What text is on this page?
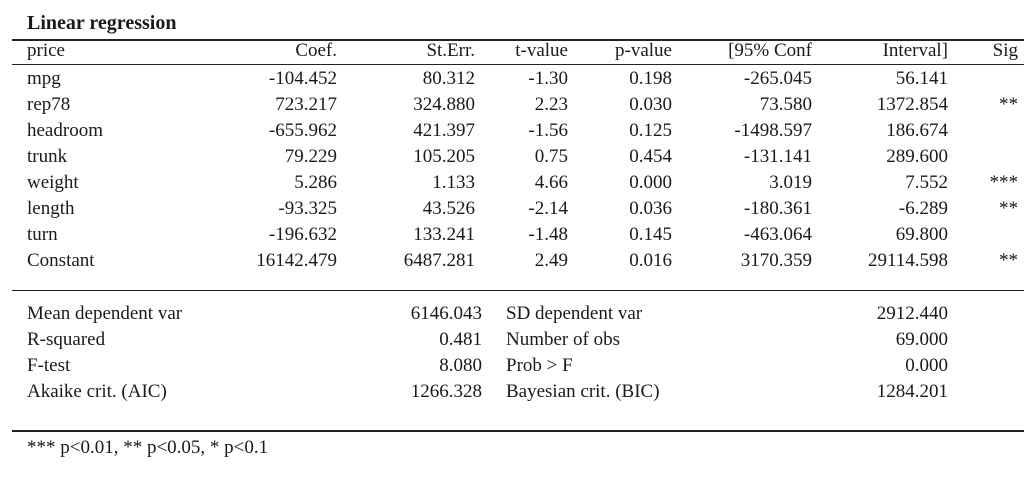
Linear regression
price	Coef.	St.Err. t-value p-value	[95% Conf	Interval] Sig
mpg	-104.452	80.312	-1.30	0.198	-265.045	56.141
rep78	723.217	324.880	2.23	0.030	73.580	1372.854	**
headroom	-655.962	421.397	-1.56	0.125	-1498.597	186.674
trunk	79.229	105.205	0.75	0.454	-131.141	289.600
weight	5.286	1.133	4.66	0.000	3.019	7.552 ***
length	-93.325	43.526	-2.14	0.036	-180.361	-6.289	**
turn	-196.632	133.241	-1.48	0.145	-463.064	69.800
Constant	16142.479	6487.281	2.49	0.016	3170.359	29114.598	**
Mean dependent var	6146.043 SD dependent var	2912.440
R-squared	0.481 Number of obs	69.000
F-test	8.080 Prob > F	0.000
Akaike crit. (AIC)	1266.328 Bayesian crit. (BIC)	1284.201
*** p<0.01, ** p<0.05, * p<0.1
